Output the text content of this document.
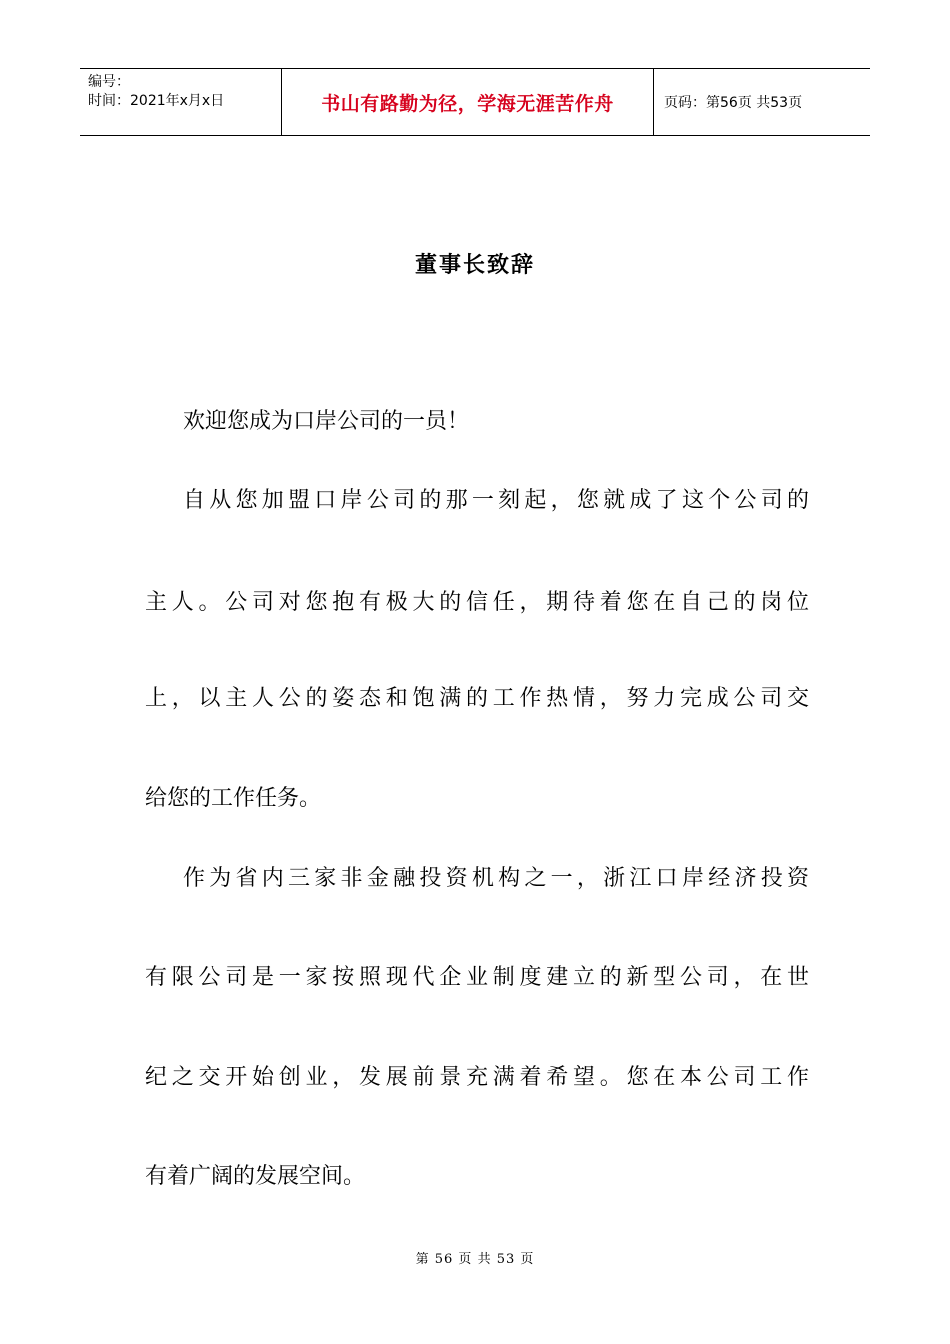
编号：
时间：2021年x月x日	书山有路勤为径，学海无涯苦作舟	页码：第56页 共53页
董事长致辞
欢迎您成为口岸公司的一员！
自从您加盟口岸公司的那一刻起，您就成了这个公司的
主人。公司对您抱有极大的信任，期待着您在自己的岗位
上，以主人公的姿态和饱满的工作热情，努力完成公司交
给您的工作任务。
作为省内三家非金融投资机构之一，浙江口岸经济投资
有限公司是一家按照现代企业制度建立的新型公司，在世
纪之交开始创业，发展前景充满着希望。您在本公司工作
有着广阔的发展空间。
第 56 页 共 53 页
